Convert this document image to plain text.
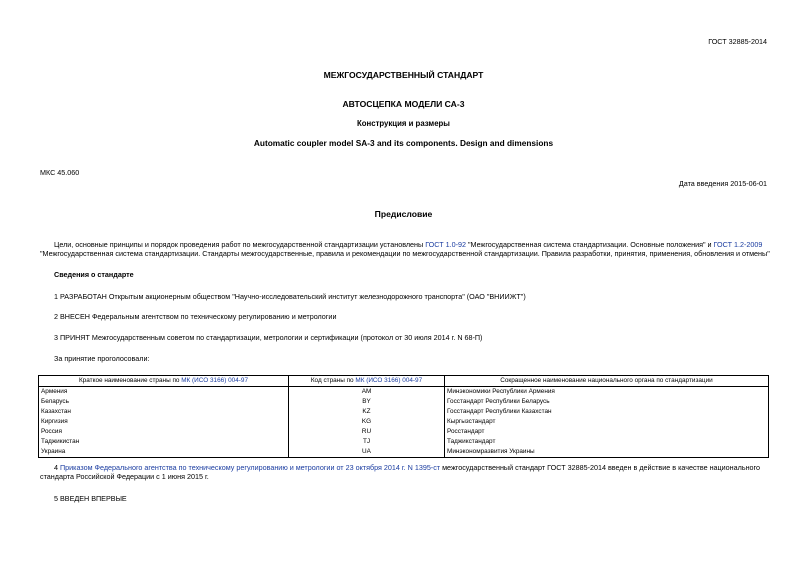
ГОСТ 32885-2014
МЕЖГОСУДАРСТВЕННЫЙ СТАНДАРТ
АВТОСЦЕПКА МОДЕЛИ СА-3
Конструкция и размеры
Automatic coupler model SA-3 and its components. Design and dimensions
МКС 45.060
Дата введения 2015-06-01
Предисловие
Цели, основные принципы и порядок проведения работ по межгосударственной стандартизации установлены ГОСТ 1.0-92 "Межгосударственная система стандартизации. Основные положения" и ГОСТ 1.2-2009 "Межгосударственная система стандартизации. Стандарты межгосударственные, правила и рекомендации по межгосударственной стандартизации. Правила разработки, принятия, применения, обновления и отмены"
Сведения о стандарте
1 РАЗРАБОТАН Открытым акционерным обществом "Научно-исследовательский институт железнодорожного транспорта" (ОАО "ВНИИЖТ")
2 ВНЕСЕН Федеральным агентством по техническому регулированию и метрологии
3 ПРИНЯТ Межгосударственным советом по стандартизации, метрологии и сертификации (протокол от 30 июля 2014 г. N 68-П)
За принятие проголосовали:
Краткое наименование страны по МК (ИСО 3166) 004-97	Код страны по МК (ИСО 3166) 004-97	Сокращенное наименование национального органа по стандартизации
Армения	AM	Минэкономики Республики Армения
Беларусь	BY	Госстандарт Республики Беларусь
Казахстан	KZ	Госстандарт Республики Казахстан
Киргизия	KG	Кыргызстандарт
Россия	RU	Росстандарт
Таджикистан	TJ	Таджикстандарт
Украина	UA	Минэкономразвития Украины
4 Приказом Федерального агентства по техническому регулированию и метрологии от 23 октября 2014 г. N 1395-ст межгосударственный стандарт ГОСТ 32885-2014 введен в действие в качестве национального стандарта Российской Федерации с 1 июня 2015 г.
5 ВВЕДЕН ВПЕРВЫЕ
